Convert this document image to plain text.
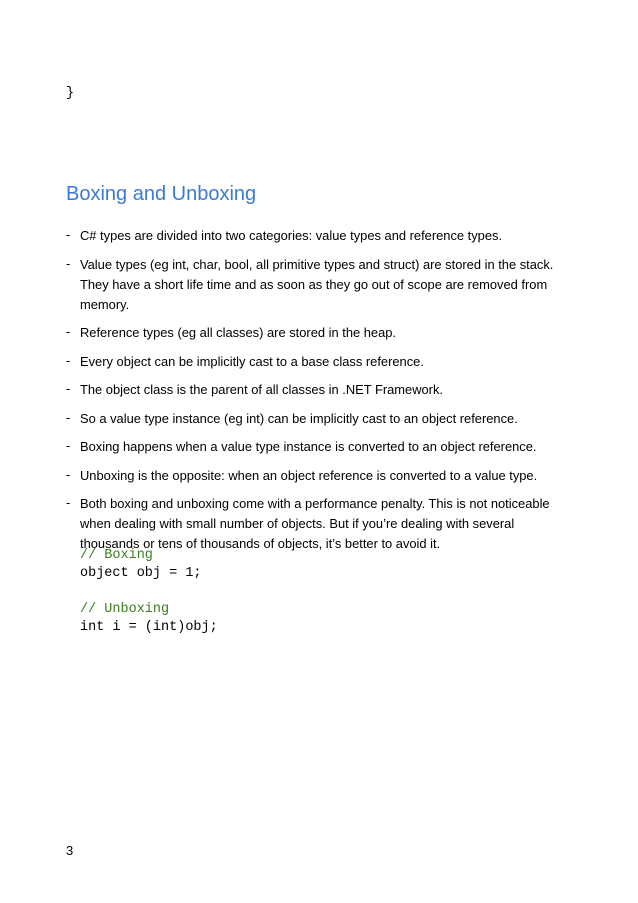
}
Boxing and Unboxing
- C# types are divided into two categories: value types and reference types.
- Value types (eg int, char, bool, all primitive types and struct) are stored in the stack. They have a short life time and as soon as they go out of scope are removed from memory.
- Reference types (eg all classes) are stored in the heap.
- Every object can be implicitly cast to a base class reference.
- The object class is the parent of all classes in .NET Framework.
- So a value type instance (eg int) can be implicitly cast to an object reference.
- Boxing happens when a value type instance is converted to an object reference.
- Unboxing is the opposite: when an object reference is converted to a value type.
- Both boxing and unboxing come with a performance penalty. This is not noticeable when dealing with small number of objects. But if you’re dealing with several thousands or tens of thousands of objects, it’s better to avoid it.
// Boxing
object obj = 1;
// Unboxing
int i = (int)obj;
3
